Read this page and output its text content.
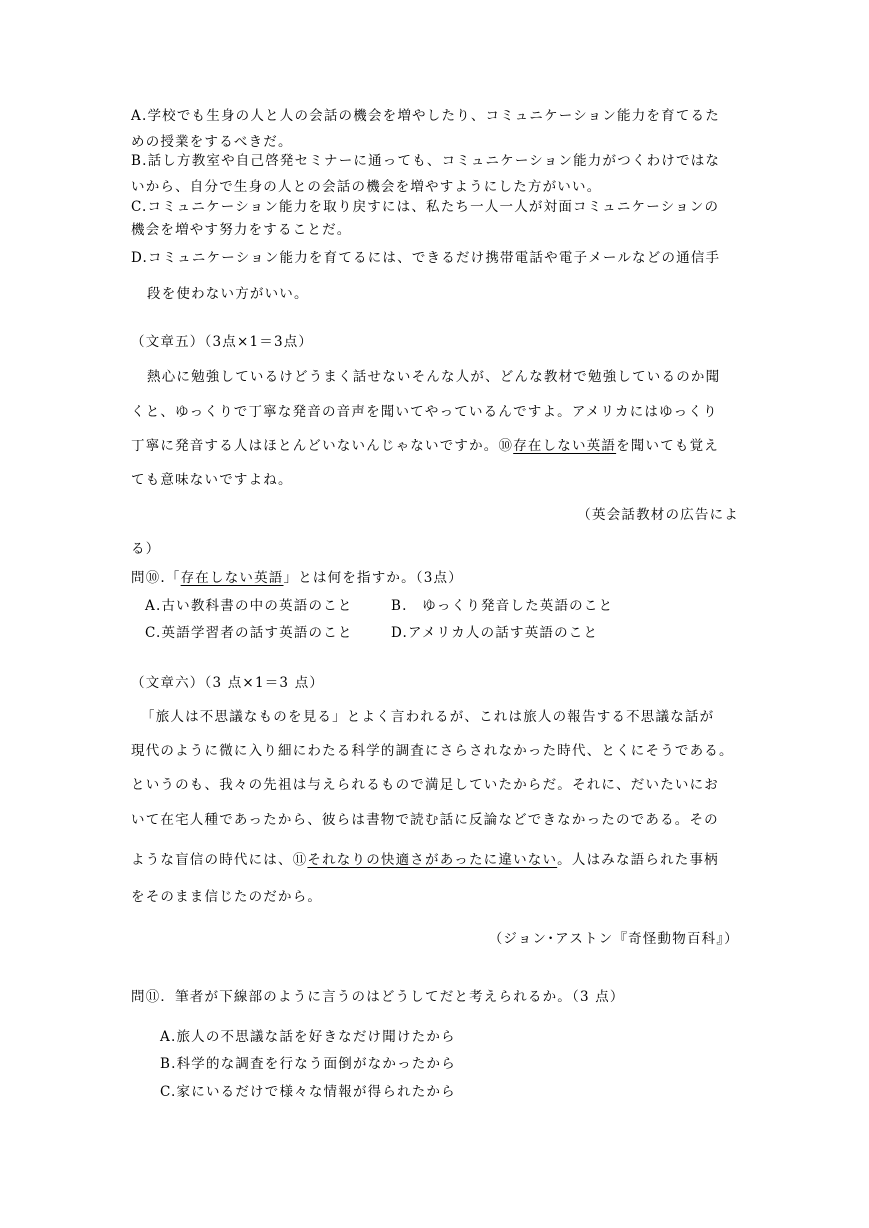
A.学校でも生身の人と人の会話の機会を増やしたり、コミュニケーション能力を育てるた
めの授業をするべきだ。
B.話し方教室や自己啓発セミナーに通っても、コミュニケーション能力がつくわけではな
いから、自分で生身の人との会話の機会を増やすようにした方がいい。
C.コミュニケーション能力を取り戻すには、私たち一人一人が対面コミュニケーションの
機会を増やす努力をすることだ。
D.コミュニケーション能力を育てるには、できるだけ携帯電話や電子メールなどの通信手
段を使わない方がいい。
（文章五）（3点×1＝3点）
熱心に勉強しているけどうまく話せないそんな人が、どんな教材で勉強しているのか聞
くと、ゆっくりで丁寧な発音の音声を聞いてやっているんですよ。アメリカにはゆっくり
丁寧に発音する人はほとんどいないんじゃないですか。⑩存在しない英語を聞いても覚え
ても意味ないですよね。
（英会話教材の広告によ
る）
問⑩.「存在しない英語」とは何を指すか。（3点）
A.古い教科書の中の英語のこと	B.　ゆっくり発音した英語のこと
C.英語学習者の話す英語のこと	D.アメリカ人の話す英語のこと
（文章六）（3 点×1＝3 点）
「旅人は不思議なものを見る」とよく言われるが、これは旅人の報告する不思議な話が
現代のように微に入り細にわたる科学的調査にさらされなかった時代、とくにそうである。
というのも、我々の先祖は与えられるもので満足していたからだ。それに、だいたいにお
いて在宅人種であったから、彼らは書物で読む話に反論などできなかったのである。その
ような盲信の時代には、⑪それなりの快適さがあったに違いない。人はみな語られた事柄
をそのまま信じたのだから。
（ジョン･アストン『奇怪動物百科』）
問⑪．筆者が下線部のように言うのはどうしてだと考えられるか。（3 点）
A.旅人の不思議な話を好きなだけ聞けたから
B.科学的な調査を行なう面倒がなかったから
C.家にいるだけで様々な情報が得られたから
